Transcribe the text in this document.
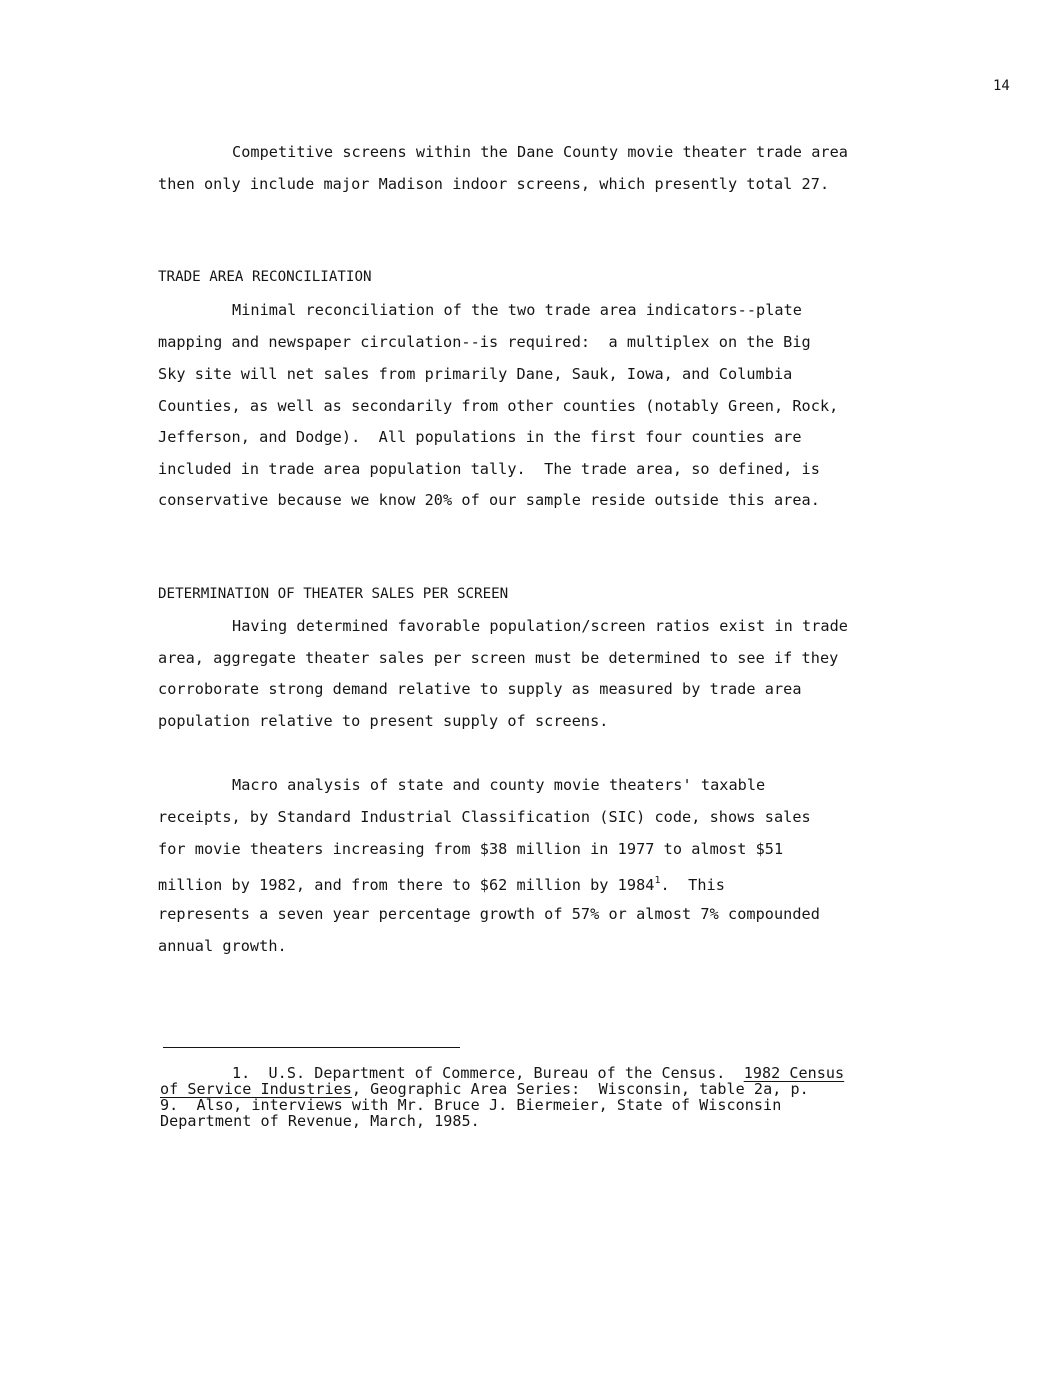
14
Competitive screens within the Dane County movie theater trade area
then only include major Madison indoor screens, which presently total 27.
TRADE AREA RECONCILIATION
Minimal reconciliation of the two trade area indicators--plate
mapping and newspaper circulation--is required:  a multiplex on the Big
Sky site will net sales from primarily Dane, Sauk, Iowa, and Columbia
Counties, as well as secondarily from other counties (notably Green, Rock,
Jefferson, and Dodge).  All populations in the first four counties are
included in trade area population tally.  The trade area, so defined, is
conservative because we know 20% of our sample reside outside this area.
DETERMINATION OF THEATER SALES PER SCREEN
Having determined favorable population/screen ratios exist in trade
area, aggregate theater sales per screen must be determined to see if they
corroborate strong demand relative to supply as measured by trade area
population relative to present supply of screens.
Macro analysis of state and county movie theaters' taxable
receipts, by Standard Industrial Classification (SIC) code, shows sales
for movie theaters increasing from $38 million in 1977 to almost $51
million by 1982, and from there to $62 million by 1984$^1$.  This
represents a seven year percentage growth of 57% or almost 7% compounded
annual growth.
1.  U.S. Department of Commerce, Bureau of the Census.  1982 Census
of Service Industries, Geographic Area Series:  Wisconsin, table 2a, p.
9.  Also, interviews with Mr. Bruce J. Biermeier, State of Wisconsin
Department of Revenue, March, 1985.
